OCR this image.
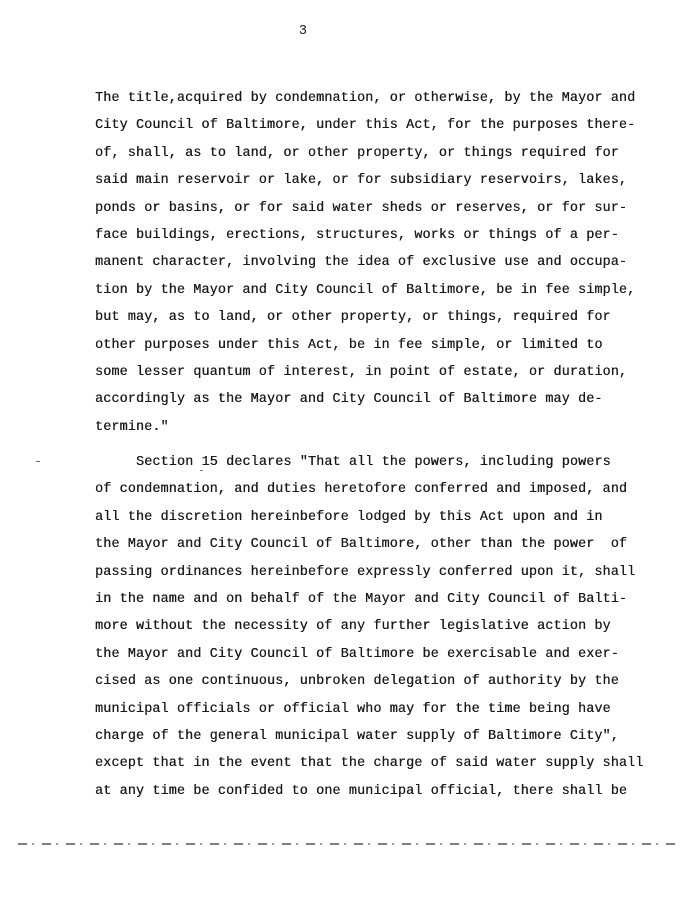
3
The title,acquired by condemnation, or otherwise, by the Mayor and
City Council of Baltimore, under this Act, for the purposes there-
of, shall, as to land, or other property, or things required for
said main reservoir or lake, or for subsidiary reservoirs, lakes,
ponds or basins, or for said water sheds or reserves, or for sur-
face buildings, erections, structures, works or things of a per-
manent character, involving the idea of exclusive use and occupa-
tion by the Mayor and City Council of Baltimore, be in fee simple,
but may, as to land, or other property, or things, required for
other purposes under this Act, be in fee simple, or limited to
some lesser quantum of interest, in point of estate, or duration,
accordingly as the Mayor and City Council of Baltimore may de-
termine."
Section 15 declares "That all the powers, including powers
of condemnation, and duties heretofore conferred and imposed, and
all the discretion hereinbefore lodged by this Act upon and in
the Mayor and City Council of Baltimore, other than the power  of
passing ordinances hereinbefore expressly conferred upon it, shall
in the name and on behalf of the Mayor and City Council of Balti-
more without the necessity of any further legislative action by
the Mayor and City Council of Baltimore be exercisable and exer-
cised as one continuous, unbroken delegation of authority by the
municipal officials or official who may for the time being have
charge of the general municipal water supply of Baltimore City",
except that in the event that the charge of said water supply shall
at any time be confided to one municipal official, there shall be
